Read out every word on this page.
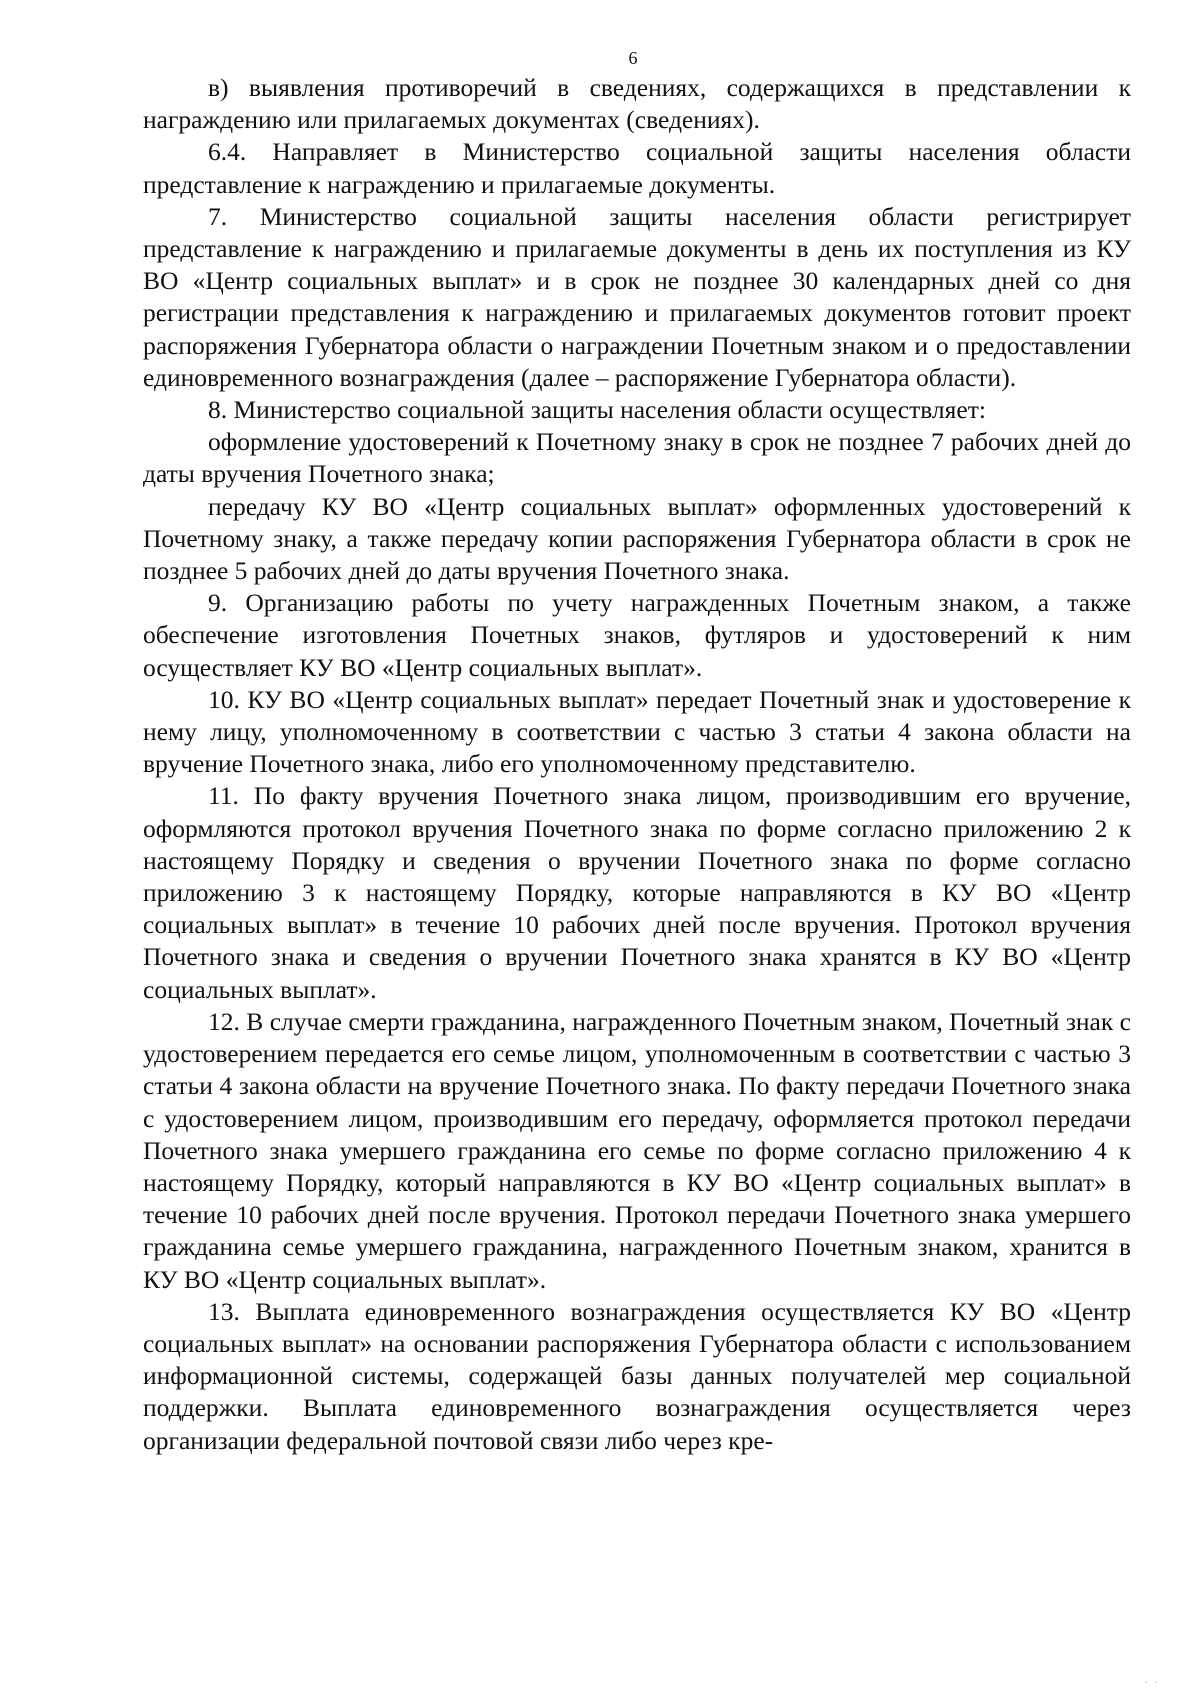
6

в) выявления противоречий в сведениях, содержащихся в представлении к награждению или прилагаемых документах (сведениях).

6.4. Направляет в Министерство социальной защиты населения области представление к награждению и прилагаемые документы.

7. Министерство социальной защиты населения области регистрирует представление к награждению и прилагаемые документы в день их поступления из КУ ВО «Центр социальных выплат» и в срок не позднее 30 календарных дней со дня регистрации представления к награждению и прилагаемых документов готовит проект распоряжения Губернатора области о награждении Почетным знаком и о предоставлении единовременного вознаграждения (далее – распоряжение Губернатора области).

8. Министерство социальной защиты населения области осуществляет:

оформление удостоверений к Почетному знаку в срок не позднее 7 рабочих дней до даты вручения Почетного знака;

передачу КУ ВО «Центр социальных выплат» оформленных удостоверений к Почетному знаку, а также передачу копии распоряжения Губернатора области в срок не позднее 5 рабочих дней до даты вручения Почетного знака.

9. Организацию работы по учету награжденных Почетным знаком, а также обеспечение изготовления Почетных знаков, футляров и удостоверений к ним осуществляет КУ ВО «Центр социальных выплат».

10. КУ ВО «Центр социальных выплат» передает Почетный знак и удостоверение к нему лицу, уполномоченному в соответствии с частью 3 статьи 4 закона области на вручение Почетного знака, либо его уполномоченному представителю.

11. По факту вручения Почетного знака лицом, производившим его вручение, оформляются протокол вручения Почетного знака по форме согласно приложению 2 к настоящему Порядку и сведения о вручении Почетного знака по форме согласно приложению 3 к настоящему Порядку, которые направляются в КУ ВО «Центр социальных выплат» в течение 10 рабочих дней после вручения. Протокол вручения Почетного знака и сведения о вручении Почетного знака хранятся в КУ ВО «Центр социальных выплат».

12. В случае смерти гражданина, награжденного Почетным знаком, Почетный знак с удостоверением передается его семье лицом, уполномоченным в соответствии с частью 3 статьи 4 закона области на вручение Почетного знака. По факту передачи Почетного знака с удостоверением лицом, производившим его передачу, оформляется протокол передачи Почетного знака умершего гражданина его семье по форме согласно приложению 4 к настоящему Порядку, который направляются в КУ ВО «Центр социальных выплат» в течение 10 рабочих дней после вручения. Протокол передачи Почетного знака умершего гражданина семье умершего гражданина, награжденного Почетным знаком, хранится в КУ ВО «Центр социальных выплат».

13. Выплата единовременного вознаграждения осуществляется КУ ВО «Центр социальных выплат» на основании распоряжения Губернатора области с использованием информационной системы, содержащей базы данных получателей мер социальной поддержки. Выплата единовременного вознаграждения осуществляется через организации федеральной почтовой связи либо через кре-

· ·
